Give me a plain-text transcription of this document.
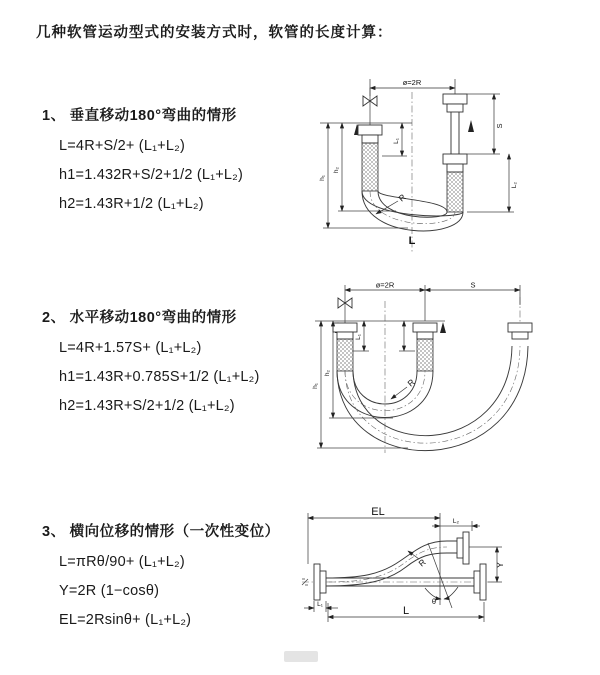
几种软管运动型式的安装方式时，软管的长度计算：
1、 垂直移动180°弯曲的情形
L=4R+S/2+ (L₁+L₂)
h1=1.432R+S/2+1/2 (L₁+L₂)
h2=1.43R+1/2 (L₁+L₂)
2、 水平移动180°弯曲的情形
L=4R+1.57S+ (L₁+L₂)
h1=1.43R+0.785S+1/2 (L₁+L₂)
h2=1.43R+S/2+1/2 (L₁+L₂)
3、 横向位移的情形（一次性变位）
L=πRθ/90+ (L₁+L₂)
Y=2R (1−cosθ)
EL=2Rsinθ+ (L₁+L₂)
ø=2R
L₁
S
L₂
h₁
h₂
R
L
ø=2R	S
L₁
h₁
h₂
R
EL
L₂
Y
R
θ
L
L₁
